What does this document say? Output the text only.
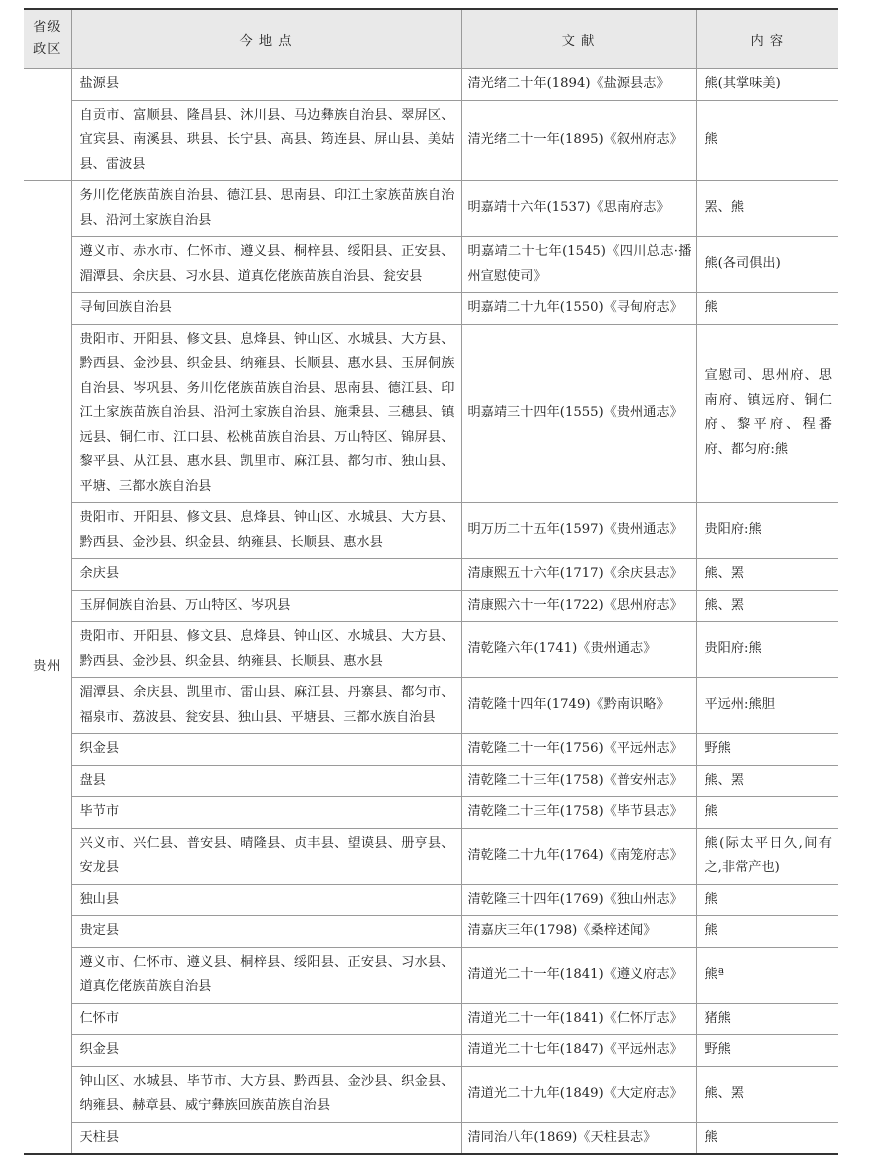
省级
政区	今 地 点	文 献	内 容
	盐源县	清光绪二十年(1894)《盐源县志》	熊(其掌味美)
	自贡市、富顺县、隆昌县、沐川县、马边彝族自治县、翠屏区、宜宾县、南溪县、珙县、长宁县、高县、筠连县、屏山县、美姑县、雷波县	清光绪二十一年(1895)《叙州府志》	熊
贵州	务川仡佬族苗族自治县、德江县、思南县、印江土家族苗族自治县、沿河土家族自治县	明嘉靖十六年(1537)《思南府志》	罴、熊
	遵义市、赤水市、仁怀市、遵义县、桐梓县、绥阳县、正安县、湄潭县、余庆县、习水县、道真仡佬族苗族自治县、瓮安县	明嘉靖二十七年(1545)《四川总志·播州宣慰使司》	熊(各司俱出)
	寻甸回族自治县	明嘉靖二十九年(1550)《寻甸府志》	熊
	贵阳市、开阳县、修文县、息烽县、钟山区、水城县、大方县、黔西县、金沙县、织金县、纳雍县、长顺县、惠水县、玉屏侗族自治县、岑巩县、务川仡佬族苗族自治县、思南县、德江县、印江土家族苗族自治县、沿河土家族自治县、施秉县、三穗县、镇远县、铜仁市、江口县、松桃苗族自治县、万山特区、锦屏县、黎平县、从江县、惠水县、凯里市、麻江县、都匀市、独山县、平塘、三都水族自治县	明嘉靖三十四年(1555)《贵州通志》	宣慰司、思州府、思南府、镇远府、铜仁府、黎平府、程番府、都匀府:熊
	贵阳市、开阳县、修文县、息烽县、钟山区、水城县、大方县、黔西县、金沙县、织金县、纳雍县、长顺县、惠水县	明万历二十五年(1597)《贵州通志》	贵阳府:熊
	余庆县	清康熙五十六年(1717)《余庆县志》	熊、罴
	玉屏侗族自治县、万山特区、岑巩县	清康熙六十一年(1722)《思州府志》	熊、罴
	贵阳市、开阳县、修文县、息烽县、钟山区、水城县、大方县、黔西县、金沙县、织金县、纳雍县、长顺县、惠水县	清乾隆六年(1741)《贵州通志》	贵阳府:熊
	湄潭县、余庆县、凯里市、雷山县、麻江县、丹寨县、都匀市、福泉市、荔波县、瓮安县、独山县、平塘县、三都水族自治县	清乾隆十四年(1749)《黔南识略》	平远州:熊胆
	织金县	清乾隆二十一年(1756)《平远州志》	野熊
	盘县	清乾隆二十三年(1758)《普安州志》	熊、罴
	毕节市	清乾隆二十三年(1758)《毕节县志》	熊
	兴义市、兴仁县、普安县、晴隆县、贞丰县、望谟县、册亨县、安龙县	清乾隆二十九年(1764)《南笼府志》	熊(际太平日久,间有之,非常产也)
	独山县	清乾隆三十四年(1769)《独山州志》	熊
	贵定县	清嘉庆三年(1798)《桑梓述闻》	熊
	遵义市、仁怀市、遵义县、桐梓县、绥阳县、正安县、习水县、道真仡佬族苗族自治县	清道光二十一年(1841)《遵义府志》	熊ª
	仁怀市	清道光二十一年(1841)《仁怀厅志》	猪熊
	织金县	清道光二十七年(1847)《平远州志》	野熊
	钟山区、水城县、毕节市、大方县、黔西县、金沙县、织金县、纳雍县、赫章县、威宁彝族回族苗族自治县	清道光二十九年(1849)《大定府志》	熊、罴
	天柱县	清同治八年(1869)《天柱县志》	熊
